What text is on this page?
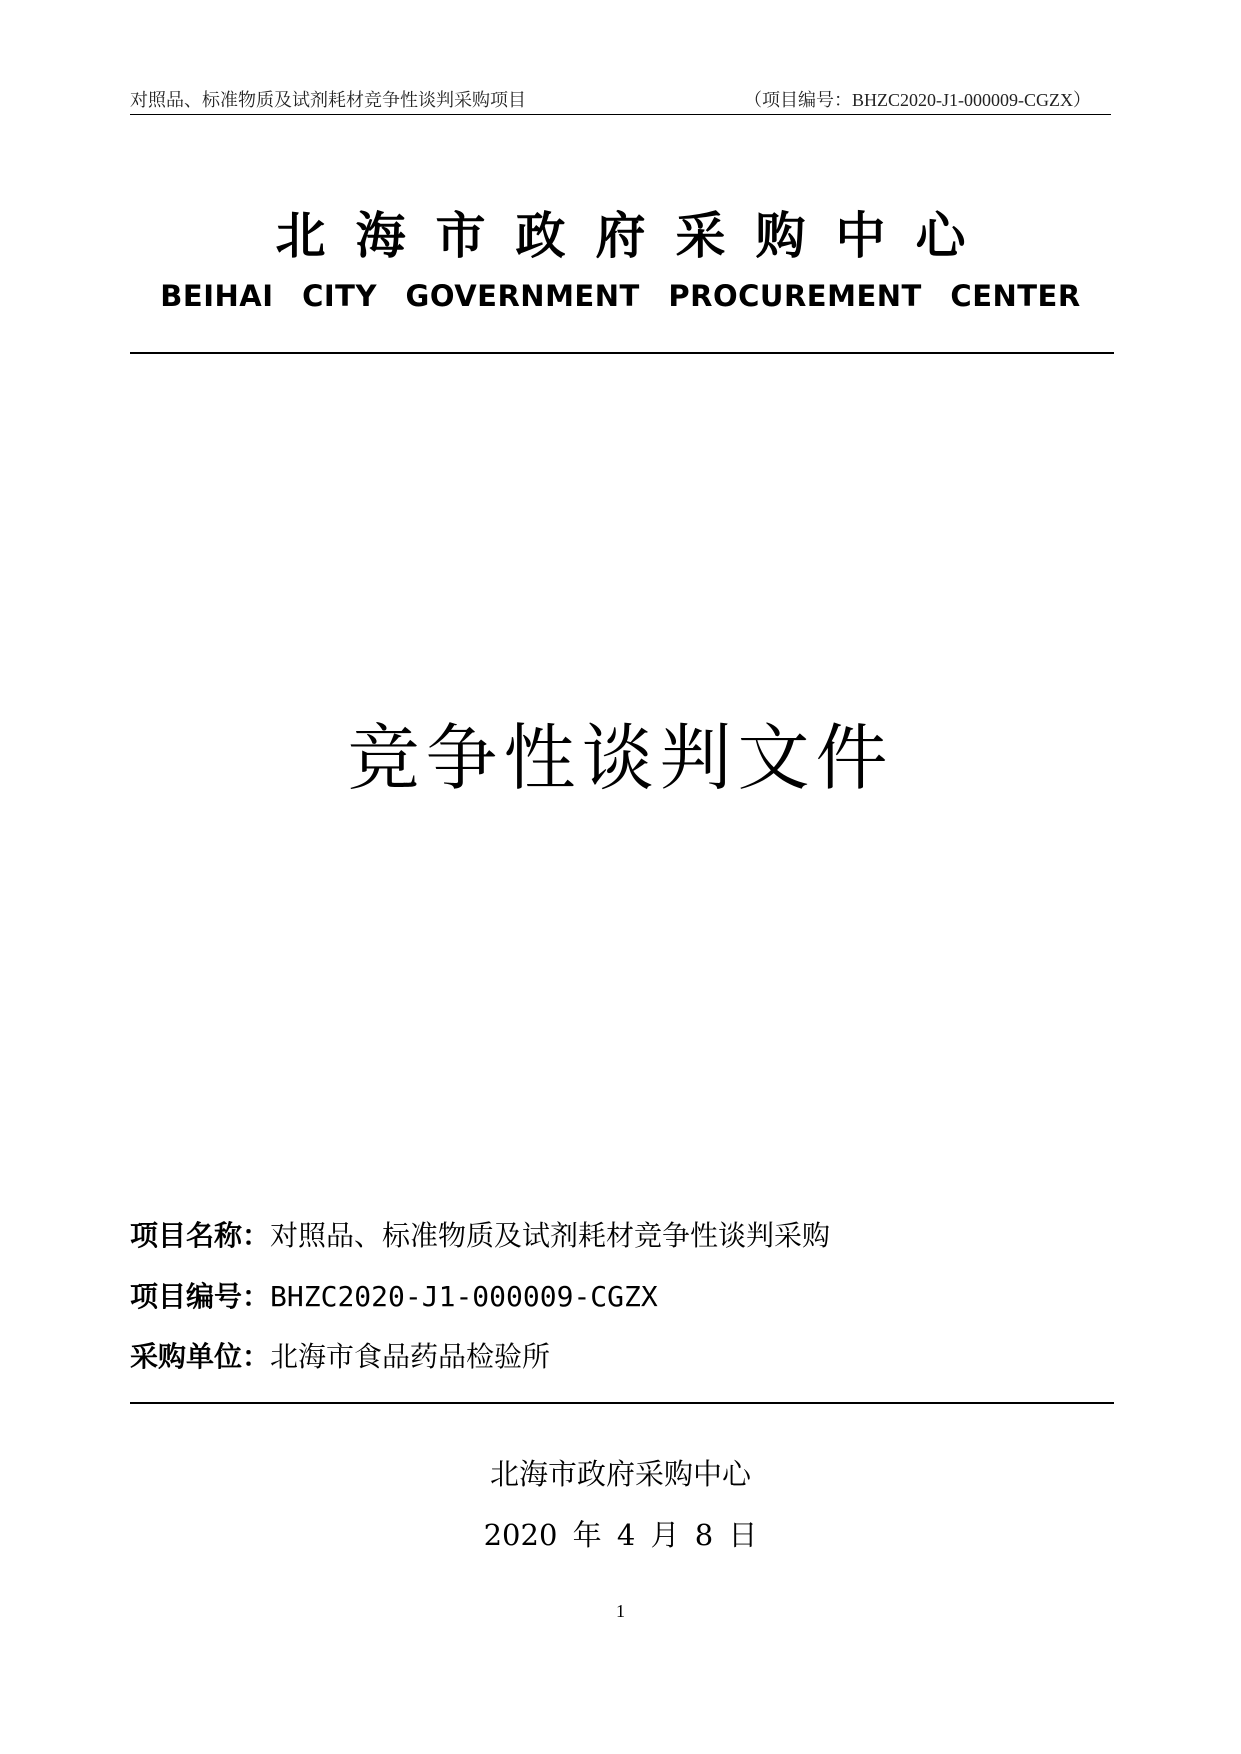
对照品、标准物质及试剂耗材竞争性谈判采购项目	（项目编号：BHZC2020-J1-000009-CGZX）
北海市政府采购中心
BEIHAI CITY GOVERNMENT PROCUREMENT CENTER
竞争性谈判文件
项目名称：对照品、标准物质及试剂耗材竞争性谈判采购
项目编号：BHZC2020-J1-000009-CGZX
采购单位：北海市食品药品检验所
北海市政府采购中心
2020 年 4 月 8 日
1
